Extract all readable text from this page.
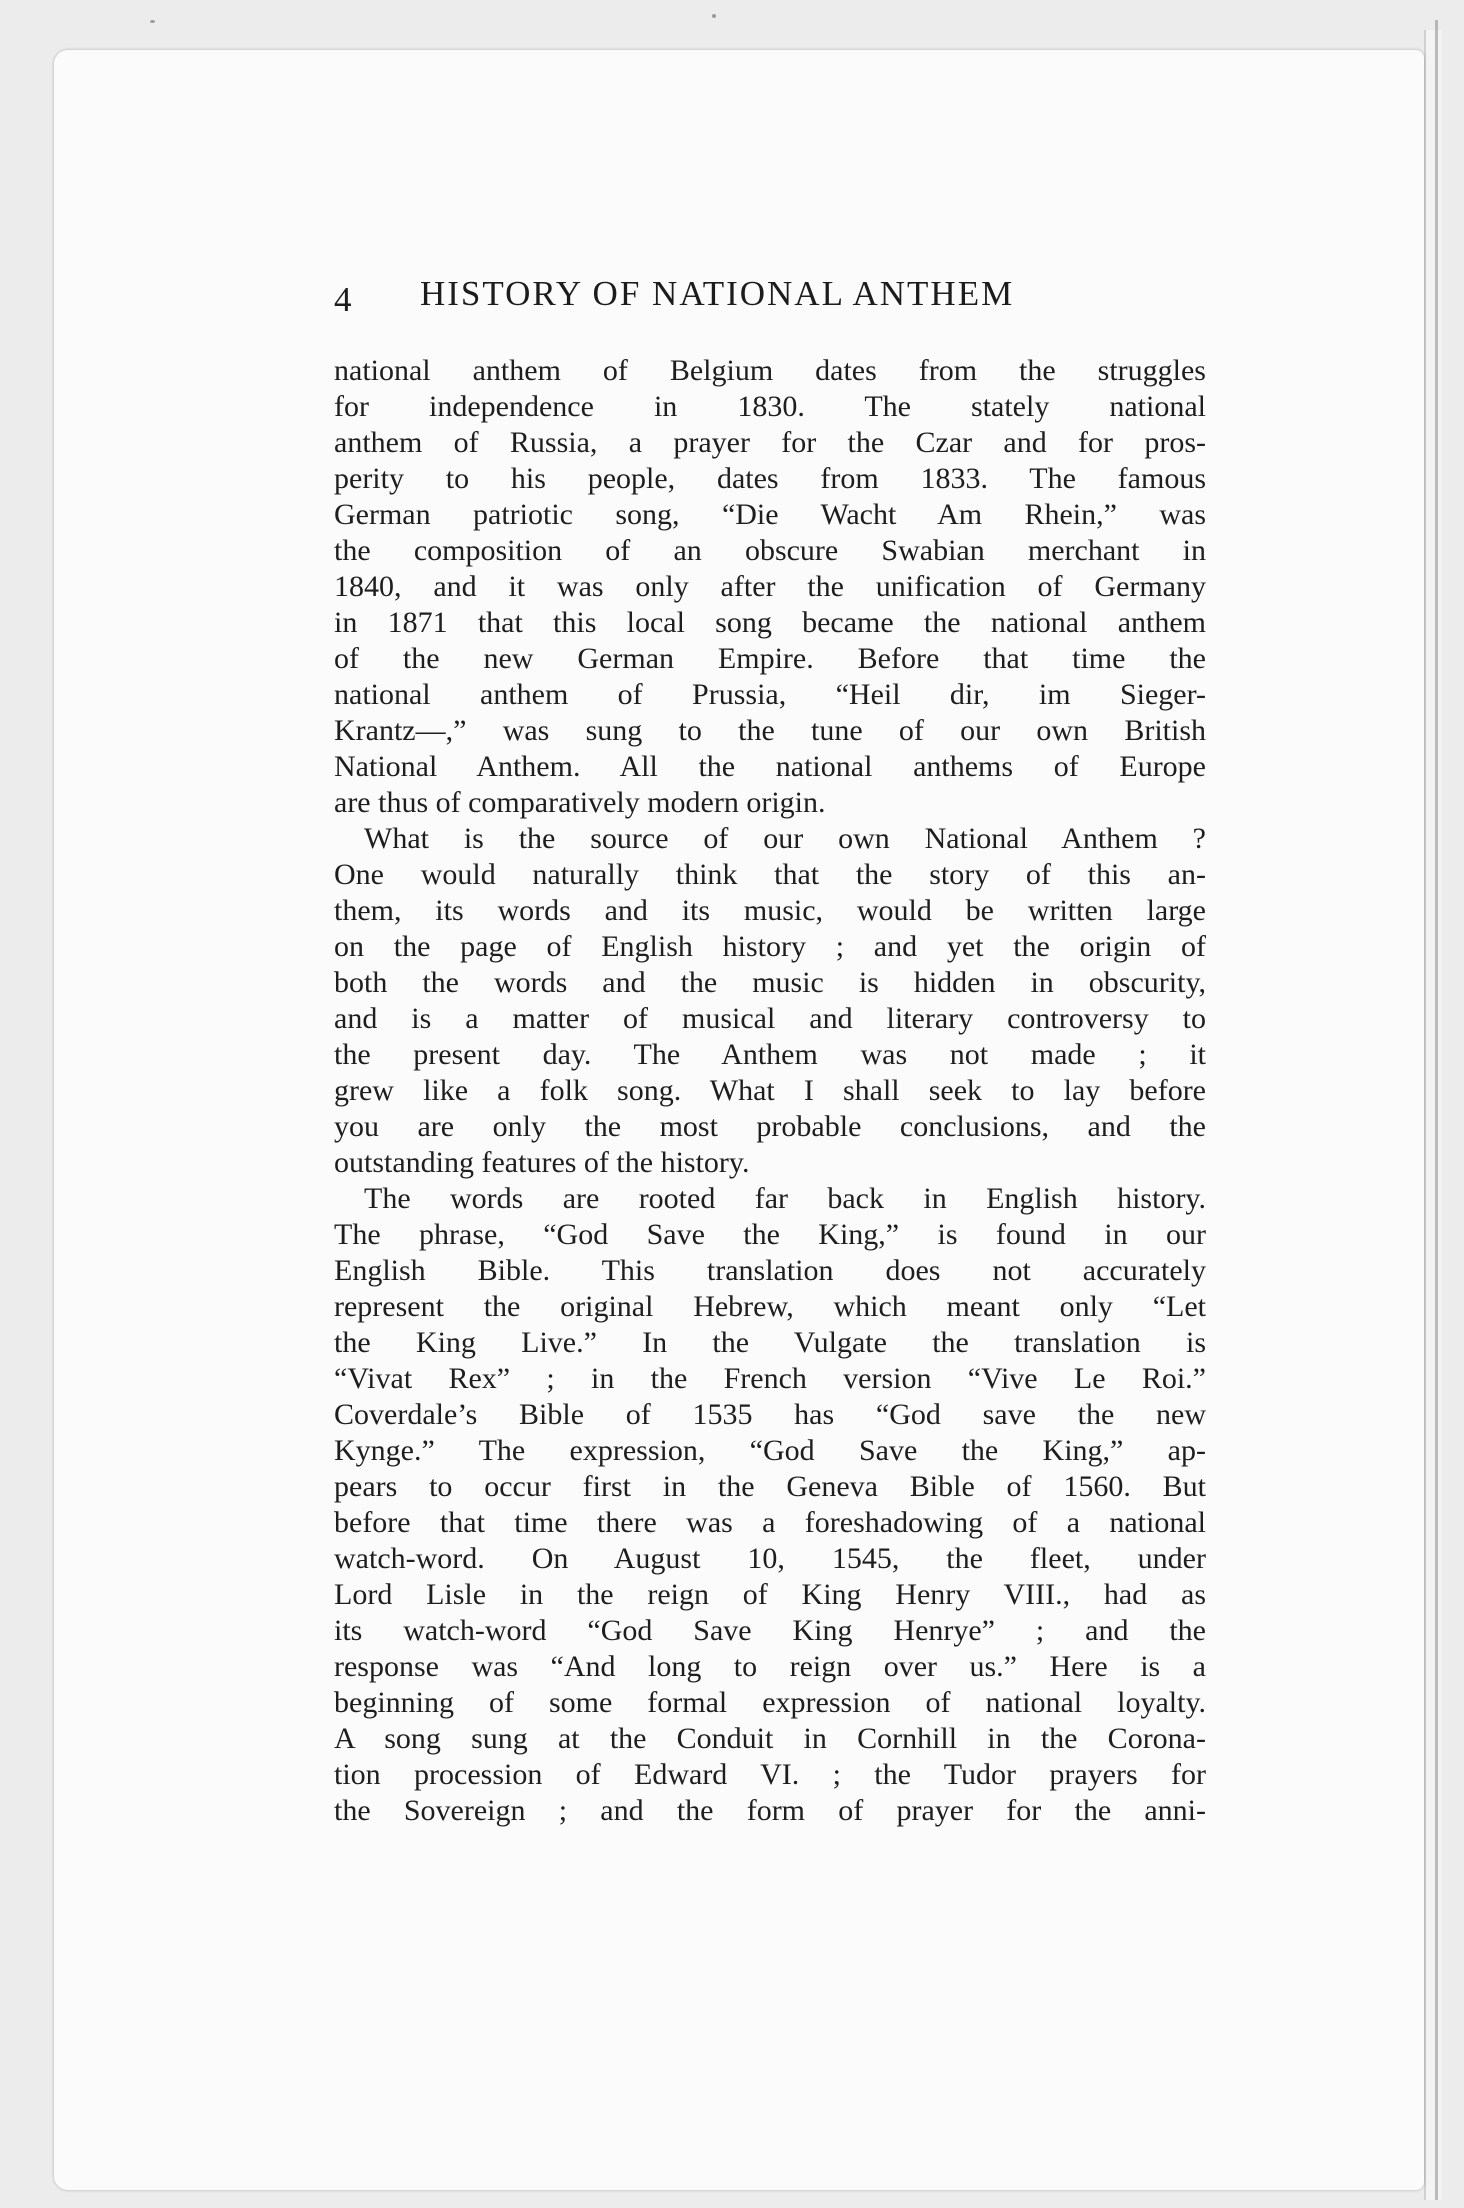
4 HISTORY OF NATIONAL ANTHEM
national anthem of Belgium dates from the struggles
for independence in 1830. The stately national
anthem of Russia, a prayer for the Czar and for pros-
perity to his people, dates from 1833. The famous
German patriotic song, “Die Wacht Am Rhein,” was
the composition of an obscure Swabian merchant in
1840, and it was only after the unification of Germany
in 1871 that this local song became the national anthem
of the new German Empire. Before that time the
national anthem of Prussia, “Heil dir, im Sieger-
Krantz—,” was sung to the tune of our own British
National Anthem. All the national anthems of Europe
are thus of comparatively modern origin.
What is the source of our own National Anthem ?
One would naturally think that the story of this an-
them, its words and its music, would be written large
on the page of English history ; and yet the origin of
both the words and the music is hidden in obscurity,
and is a matter of musical and literary controversy to
the present day. The Anthem was not made ; it
grew like a folk song. What I shall seek to lay before
you are only the most probable conclusions, and the
outstanding features of the history.
The words are rooted far back in English history.
The phrase, “God Save the King,” is found in our
English Bible. This translation does not accurately
represent the original Hebrew, which meant only “Let
the King Live.” In the Vulgate the translation is
“Vivat Rex” ; in the French version “Vive Le Roi.”
Coverdale’s Bible of 1535 has “God save the new
Kynge.” The expression, “God Save the King,” ap-
pears to occur first in the Geneva Bible of 1560. But
before that time there was a foreshadowing of a national
watch-word. On August 10, 1545, the fleet, under
Lord Lisle in the reign of King Henry VIII., had as
its watch-word “God Save King Henrye” ; and the
response was “And long to reign over us.” Here is a
beginning of some formal expression of national loyalty.
A song sung at the Conduit in Cornhill in the Corona-
tion procession of Edward VI. ; the Tudor prayers for
the Sovereign ; and the form of prayer for the anni-
